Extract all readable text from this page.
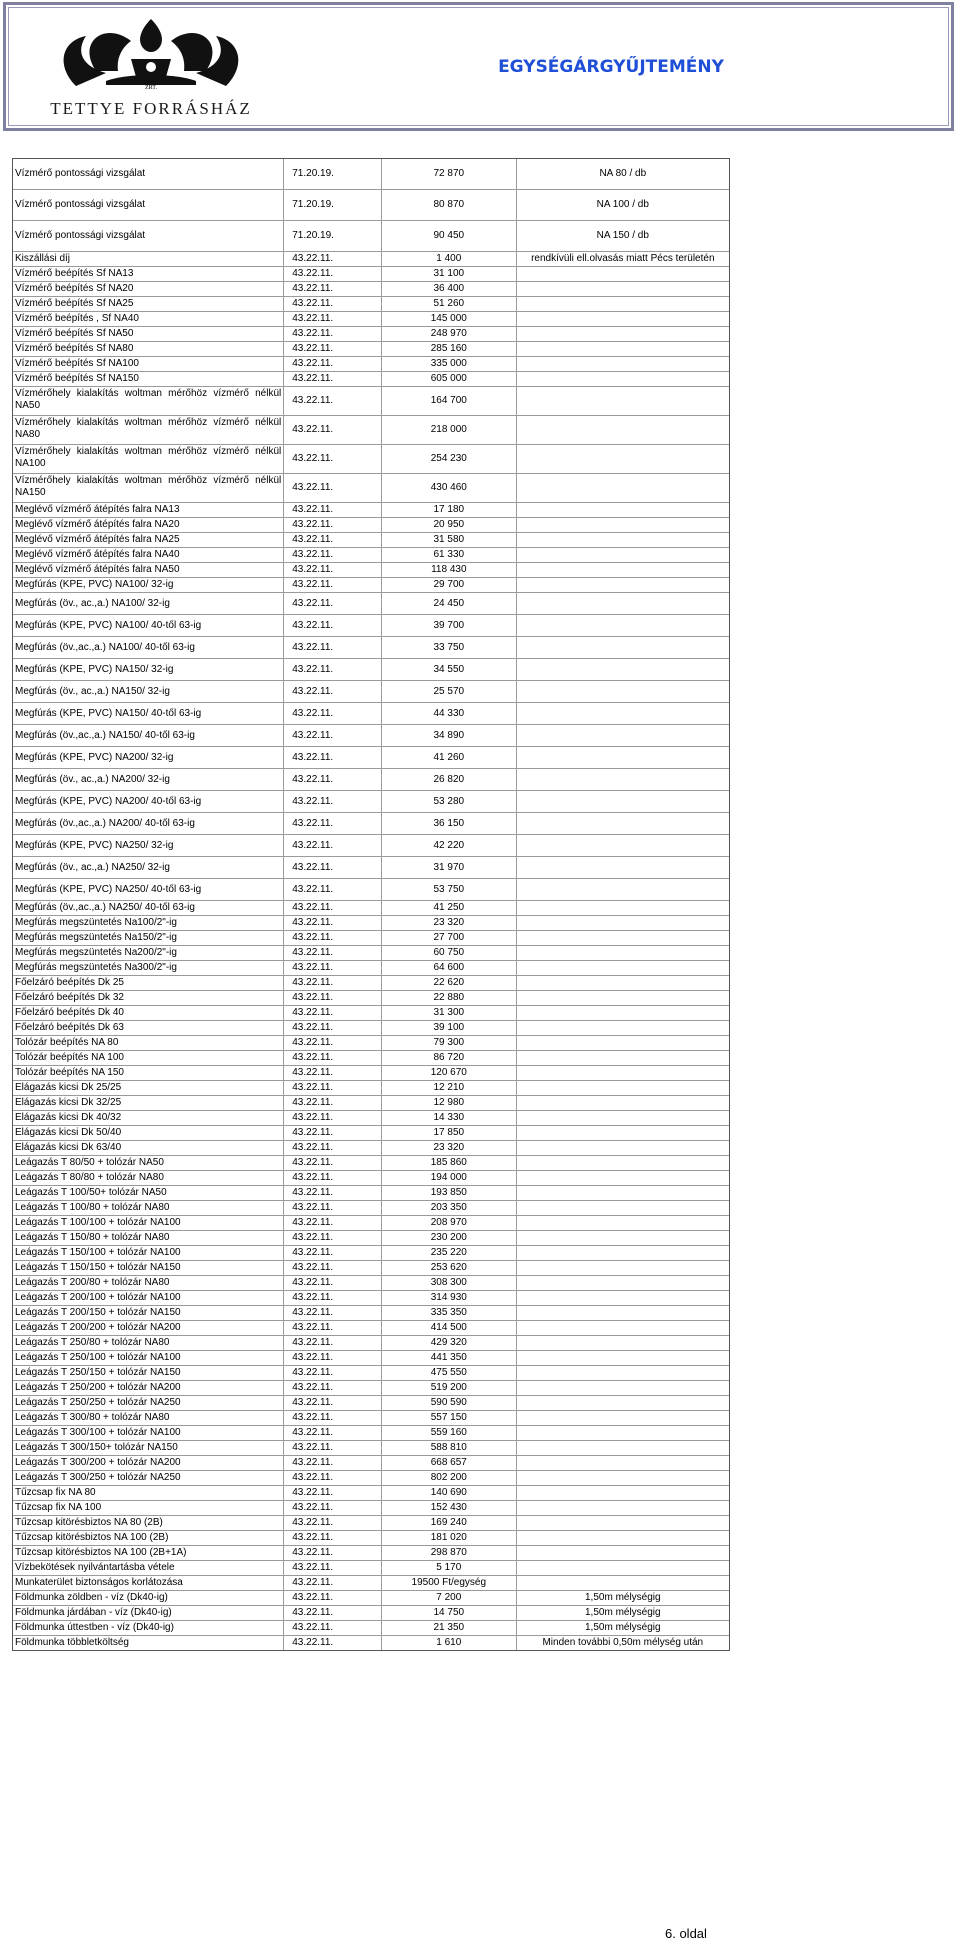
ZRT.
TETTYE FORRÁSHÁZ
EGYSÉGÁRGYŰJTEMÉNY
Vízmérő pontossági vizsgálat	71.20.19.	72 870	NA 80 / db
Vízmérő pontossági vizsgálat	71.20.19.	80 870	NA 100 / db
Vízmérő pontossági vizsgálat	71.20.19.	90 450	NA 150 / db
Kiszállási díj	43.22.11.	1 400	rendkívüli ell.olvasás miatt Pécs területén
Vízmérő beépítés Sf NA13	43.22.11.	31 100
Vízmérő beépítés Sf NA20	43.22.11.	36 400
Vízmérő beépítés Sf NA25	43.22.11.	51 260
Vízmérő beépítés , Sf NA40	43.22.11.	145 000
Vízmérő beépítés Sf NA50	43.22.11.	248 970
Vízmérő beépítés Sf NA80	43.22.11.	285 160
Vízmérő beépítés Sf NA100	43.22.11.	335 000
Vízmérő beépítés Sf NA150	43.22.11.	605 000
Vízmérőhely kialakítás woltman mérőhöz vízmérő nélkül NA50	43.22.11.	164 700
Vízmérőhely kialakítás woltman mérőhöz vízmérő nélkül NA80	43.22.11.	218 000
Vízmérőhely kialakítás woltman mérőhöz vízmérő nélkül NA100	43.22.11.	254 230
Vízmérőhely kialakítás woltman mérőhöz vízmérő nélkül NA150	43.22.11.	430 460
Meglévő vízmérő átépítés falra NA13	43.22.11.	17 180
Meglévő vízmérő átépítés falra NA20	43.22.11.	20 950
Meglévő vízmérő átépítés falra NA25	43.22.11.	31 580
Meglévő vízmérő átépítés falra NA40	43.22.11.	61 330
Meglévő vízmérő átépítés falra NA50	43.22.11.	118 430
Megfúrás (KPE, PVC) NA100/ 32-ig	43.22.11.	29 700
Megfúrás (öv., ac.,a.) NA100/ 32-ig	43.22.11.	24 450
Megfúrás (KPE, PVC) NA100/ 40-től 63-ig	43.22.11.	39 700
Megfúrás (öv.,ac.,a.) NA100/ 40-től 63-ig	43.22.11.	33 750
Megfúrás (KPE, PVC) NA150/ 32-ig	43.22.11.	34 550
Megfúrás (öv., ac.,a.) NA150/ 32-ig	43.22.11.	25 570
Megfúrás (KPE, PVC) NA150/ 40-től 63-ig	43.22.11.	44 330
Megfúrás (öv.,ac.,a.) NA150/ 40-től 63-ig	43.22.11.	34 890
Megfúrás (KPE, PVC) NA200/ 32-ig	43.22.11.	41 260
Megfúrás (öv., ac.,a.) NA200/ 32-ig	43.22.11.	26 820
Megfúrás (KPE, PVC) NA200/ 40-től 63-ig	43.22.11.	53 280
Megfúrás (öv.,ac.,a.) NA200/ 40-től 63-ig	43.22.11.	36 150
Megfúrás (KPE, PVC) NA250/ 32-ig	43.22.11.	42 220
Megfúrás (öv., ac.,a.) NA250/ 32-ig	43.22.11.	31 970
Megfúrás (KPE, PVC) NA250/ 40-től 63-ig	43.22.11.	53 750
Megfúrás (öv.,ac.,a.) NA250/ 40-től 63-ig	43.22.11.	41 250
Megfúrás megszüntetés Na100/2"-ig	43.22.11.	23 320
Megfúrás megszüntetés Na150/2"-ig	43.22.11.	27 700
Megfúrás megszüntetés Na200/2"-ig	43.22.11.	60 750
Megfúrás megszüntetés Na300/2"-ig	43.22.11.	64 600
Főelzáró beépítés Dk 25	43.22.11.	22 620
Főelzáró beépítés Dk 32	43.22.11.	22 880
Főelzáró beépítés Dk 40	43.22.11.	31 300
Főelzáró beépítés Dk 63	43.22.11.	39 100
Tolózár beépítés NA 80	43.22.11.	79 300
Tolózár beépítés NA 100	43.22.11.	86 720
Tolózár beépítés NA 150	43.22.11.	120 670
Elágazás kicsi Dk 25/25	43.22.11.	12 210
Elágazás kicsi Dk 32/25	43.22.11.	12 980
Elágazás kicsi Dk 40/32	43.22.11.	14 330
Elágazás kicsi Dk 50/40	43.22.11.	17 850
Elágazás kicsi Dk 63/40	43.22.11.	23 320
Leágazás T 80/50 + tolózár NA50	43.22.11.	185 860
Leágazás T 80/80 + tolózár NA80	43.22.11.	194 000
Leágazás T 100/50+ tolózár NA50	43.22.11.	193 850
Leágazás T 100/80 + tolózár NA80	43.22.11.	203 350
Leágazás T 100/100 + tolózár NA100	43.22.11.	208 970
Leágazás T 150/80 + tolózár NA80	43.22.11.	230 200
Leágazás T 150/100 + tolózár NA100	43.22.11.	235 220
Leágazás T 150/150 + tolózár NA150	43.22.11.	253 620
Leágazás T 200/80 + tolózár NA80	43.22.11.	308 300
Leágazás T 200/100 + tolózár NA100	43.22.11.	314 930
Leágazás T 200/150 + tolózár NA150	43.22.11.	335 350
Leágazás T 200/200 + tolózár NA200	43.22.11.	414 500
Leágazás T 250/80 + tolózár NA80	43.22.11.	429 320
Leágazás T 250/100 + tolózár NA100	43.22.11.	441 350
Leágazás T 250/150 + tolózár NA150	43.22.11.	475 550
Leágazás T 250/200 + tolózár NA200	43.22.11.	519 200
Leágazás T 250/250 + tolózár NA250	43.22.11.	590 590
Leágazás T 300/80 + tolózár NA80	43.22.11.	557 150
Leágazás T 300/100 + tolózár NA100	43.22.11.	559 160
Leágazás T 300/150+ tolózár NA150	43.22.11.	588 810
Leágazás T 300/200 + tolózár NA200	43.22.11.	668 657
Leágazás T 300/250 + tolózár NA250	43.22.11.	802 200
Tűzcsap fix NA 80	43.22.11.	140 690
Tűzcsap fix NA 100	43.22.11.	152 430
Tűzcsap kitörésbiztos NA 80 (2B)	43.22.11.	169 240
Tűzcsap kitörésbiztos NA 100 (2B)	43.22.11.	181 020
Tűzcsap kitörésbiztos NA 100 (2B+1A)	43.22.11.	298 870
Vízbekötések nyilvántartásba vétele	43.22.11.	5 170
Munkaterület biztonságos korlátozása	43.22.11.	19500 Ft/egység
Földmunka zöldben - víz (Dk40-ig)	43.22.11.	7 200	1,50m mélységig
Földmunka járdában - víz (Dk40-ig)	43.22.11.	14 750	1,50m mélységig
Földmunka úttestben - víz (Dk40-ig)	43.22.11.	21 350	1,50m mélységig
Földmunka többletköltség	43.22.11.	1 610	Minden további 0,50m mélység után
6. oldal
